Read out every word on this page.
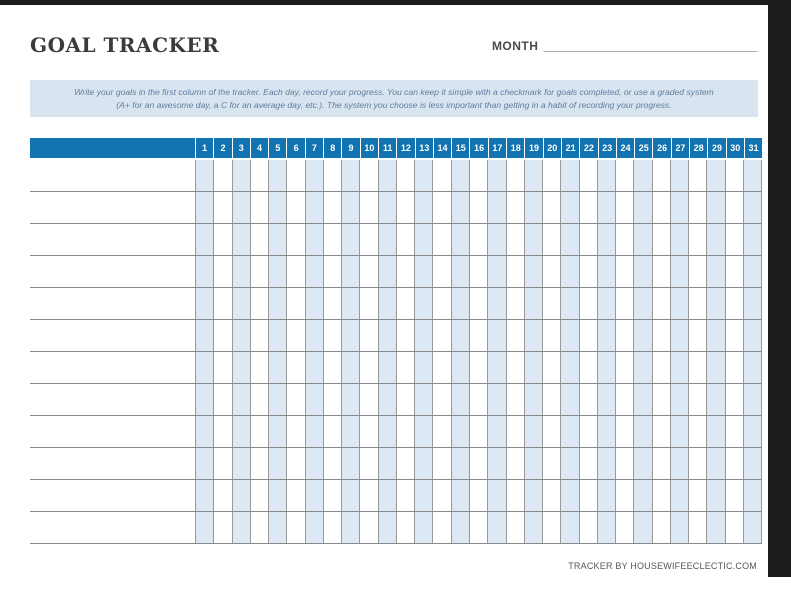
GOAL TRACKER	MONTH ________________________________
Write your goals in the first column of the tracker. Each day, record your progress. You can keep it simple with a checkmark for goals completed, or use a graded system
(A+ for an awesome day, a C for an average day, etc.). The system you choose is less important than getting in a habit of recording your progress.
1	2	3	4	5	6	7	8	9	10 11 12 13 14 15 16 17 18 19 20 21 22 23 24 25 26 27 28 29 30 31
TRACKER BY HOUSEWIFEECLECTIC.COM
